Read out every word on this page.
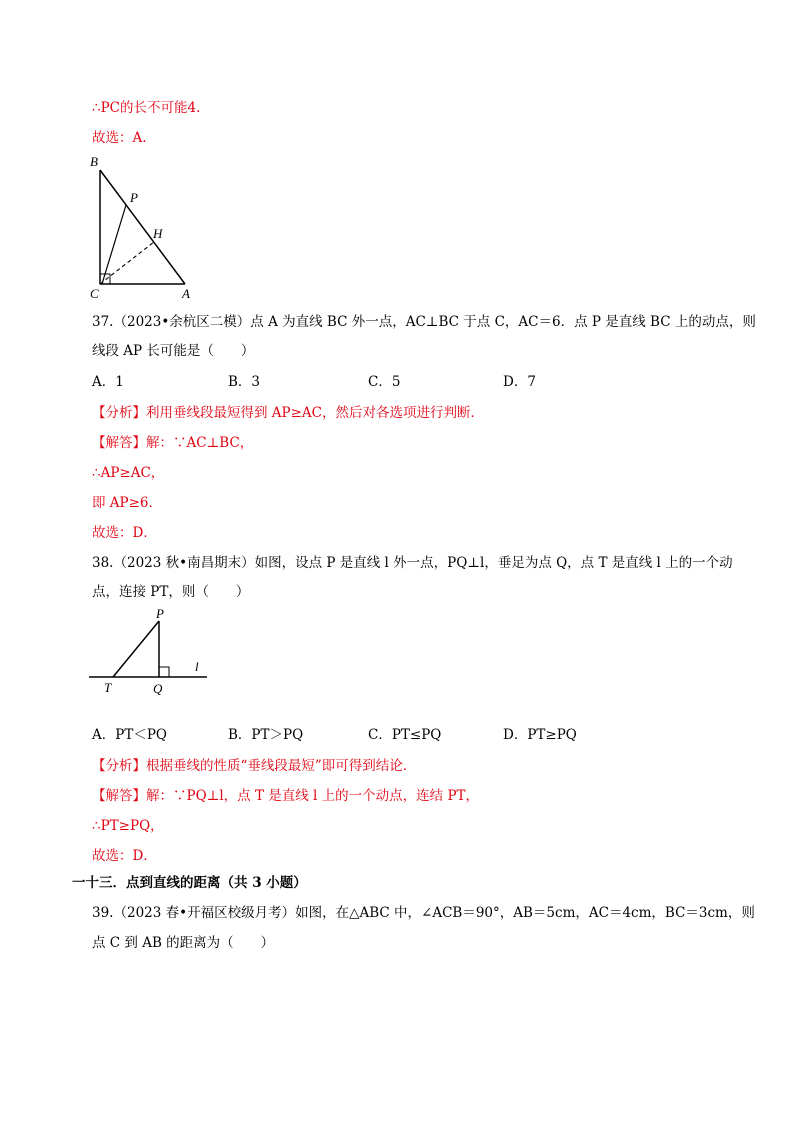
∴PC的长不可能4.
故选：A.
B
P
H
C	A
37.（2023•余杭区二模）点 A 为直线 BC 外一点，AC⊥BC 于点 C，AC＝6．点 P 是直线 BC 上的动点，则
线段 AP 长可能是（　　）
A．1	B．3	C．5	D．7
【分析】利用垂线段最短得到 AP≥AC，然后对各选项进行判断．
【解答】解：∵AC⊥BC，
∴AP≥AC，
即 AP≥6．
故选：D．
38.（2023 秋•南昌期末）如图，设点 P 是直线 l 外一点，PQ⊥l，垂足为点 Q，点 T 是直线 l 上的一个动
点，连接 PT，则（　　）
P
T	Q
l
A．PT＜PQ	B．PT＞PQ	C．PT≤PQ	D．PT≥PQ
【分析】根据垂线的性质“垂线段最短”即可得到结论．
【解答】解：∵PQ⊥l，点 T 是直线 l 上的一个动点，连结 PT，
∴PT≥PQ，
故选：D．
一十三．点到直线的距离（共 3 小题）
39.（2023 春•开福区校级月考）如图，在△ABC 中，∠ACB＝90°，AB＝5cm，AC＝4cm，BC＝3cm，则
点 C 到 AB 的距离为（　　）
